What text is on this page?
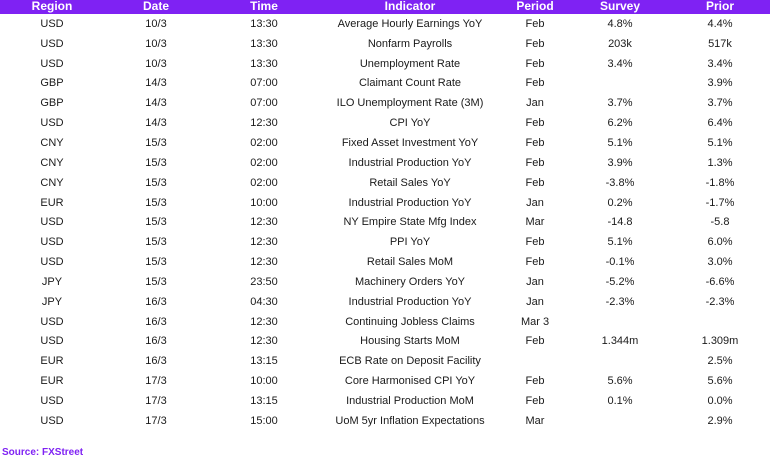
Region	Date	Time	Indicator	Period	Survey	Prior
USD	10/3	13:30	Average Hourly Earnings YoY	Feb	4.8%	4.4%
USD	10/3	13:30	Nonfarm Payrolls	Feb	203k	517k
USD	10/3	13:30	Unemployment Rate	Feb	3.4%	3.4%
GBP	14/3	07:00	Claimant Count Rate	Feb		3.9%
GBP	14/3	07:00	ILO Unemployment Rate (3M)	Jan	3.7%	3.7%
USD	14/3	12:30	CPI YoY	Feb	6.2%	6.4%
CNY	15/3	02:00	Fixed Asset Investment YoY	Feb	5.1%	5.1%
CNY	15/3	02:00	Industrial Production YoY	Feb	3.9%	1.3%
CNY	15/3	02:00	Retail Sales YoY	Feb	-3.8%	-1.8%
EUR	15/3	10:00	Industrial Production YoY	Jan	0.2%	-1.7%
USD	15/3	12:30	NY Empire State Mfg Index	Mar	-14.8	-5.8
USD	15/3	12:30	PPI YoY	Feb	5.1%	6.0%
USD	15/3	12:30	Retail Sales MoM	Feb	-0.1%	3.0%
JPY	15/3	23:50	Machinery Orders YoY	Jan	-5.2%	-6.6%
JPY	16/3	04:30	Industrial Production YoY	Jan	-2.3%	-2.3%
USD	16/3	12:30	Continuing Jobless Claims	Mar 3		
USD	16/3	12:30	Housing Starts MoM	Feb	1.344m	1.309m
EUR	16/3	13:15	ECB Rate on Deposit Facility			2.5%
EUR	17/3	10:00	Core Harmonised CPI YoY	Feb	5.6%	5.6%
USD	17/3	13:15	Industrial Production MoM	Feb	0.1%	0.0%
USD	17/3	15:00	UoM 5yr Inflation Expectations	Mar		2.9%
Source: FXStreet
